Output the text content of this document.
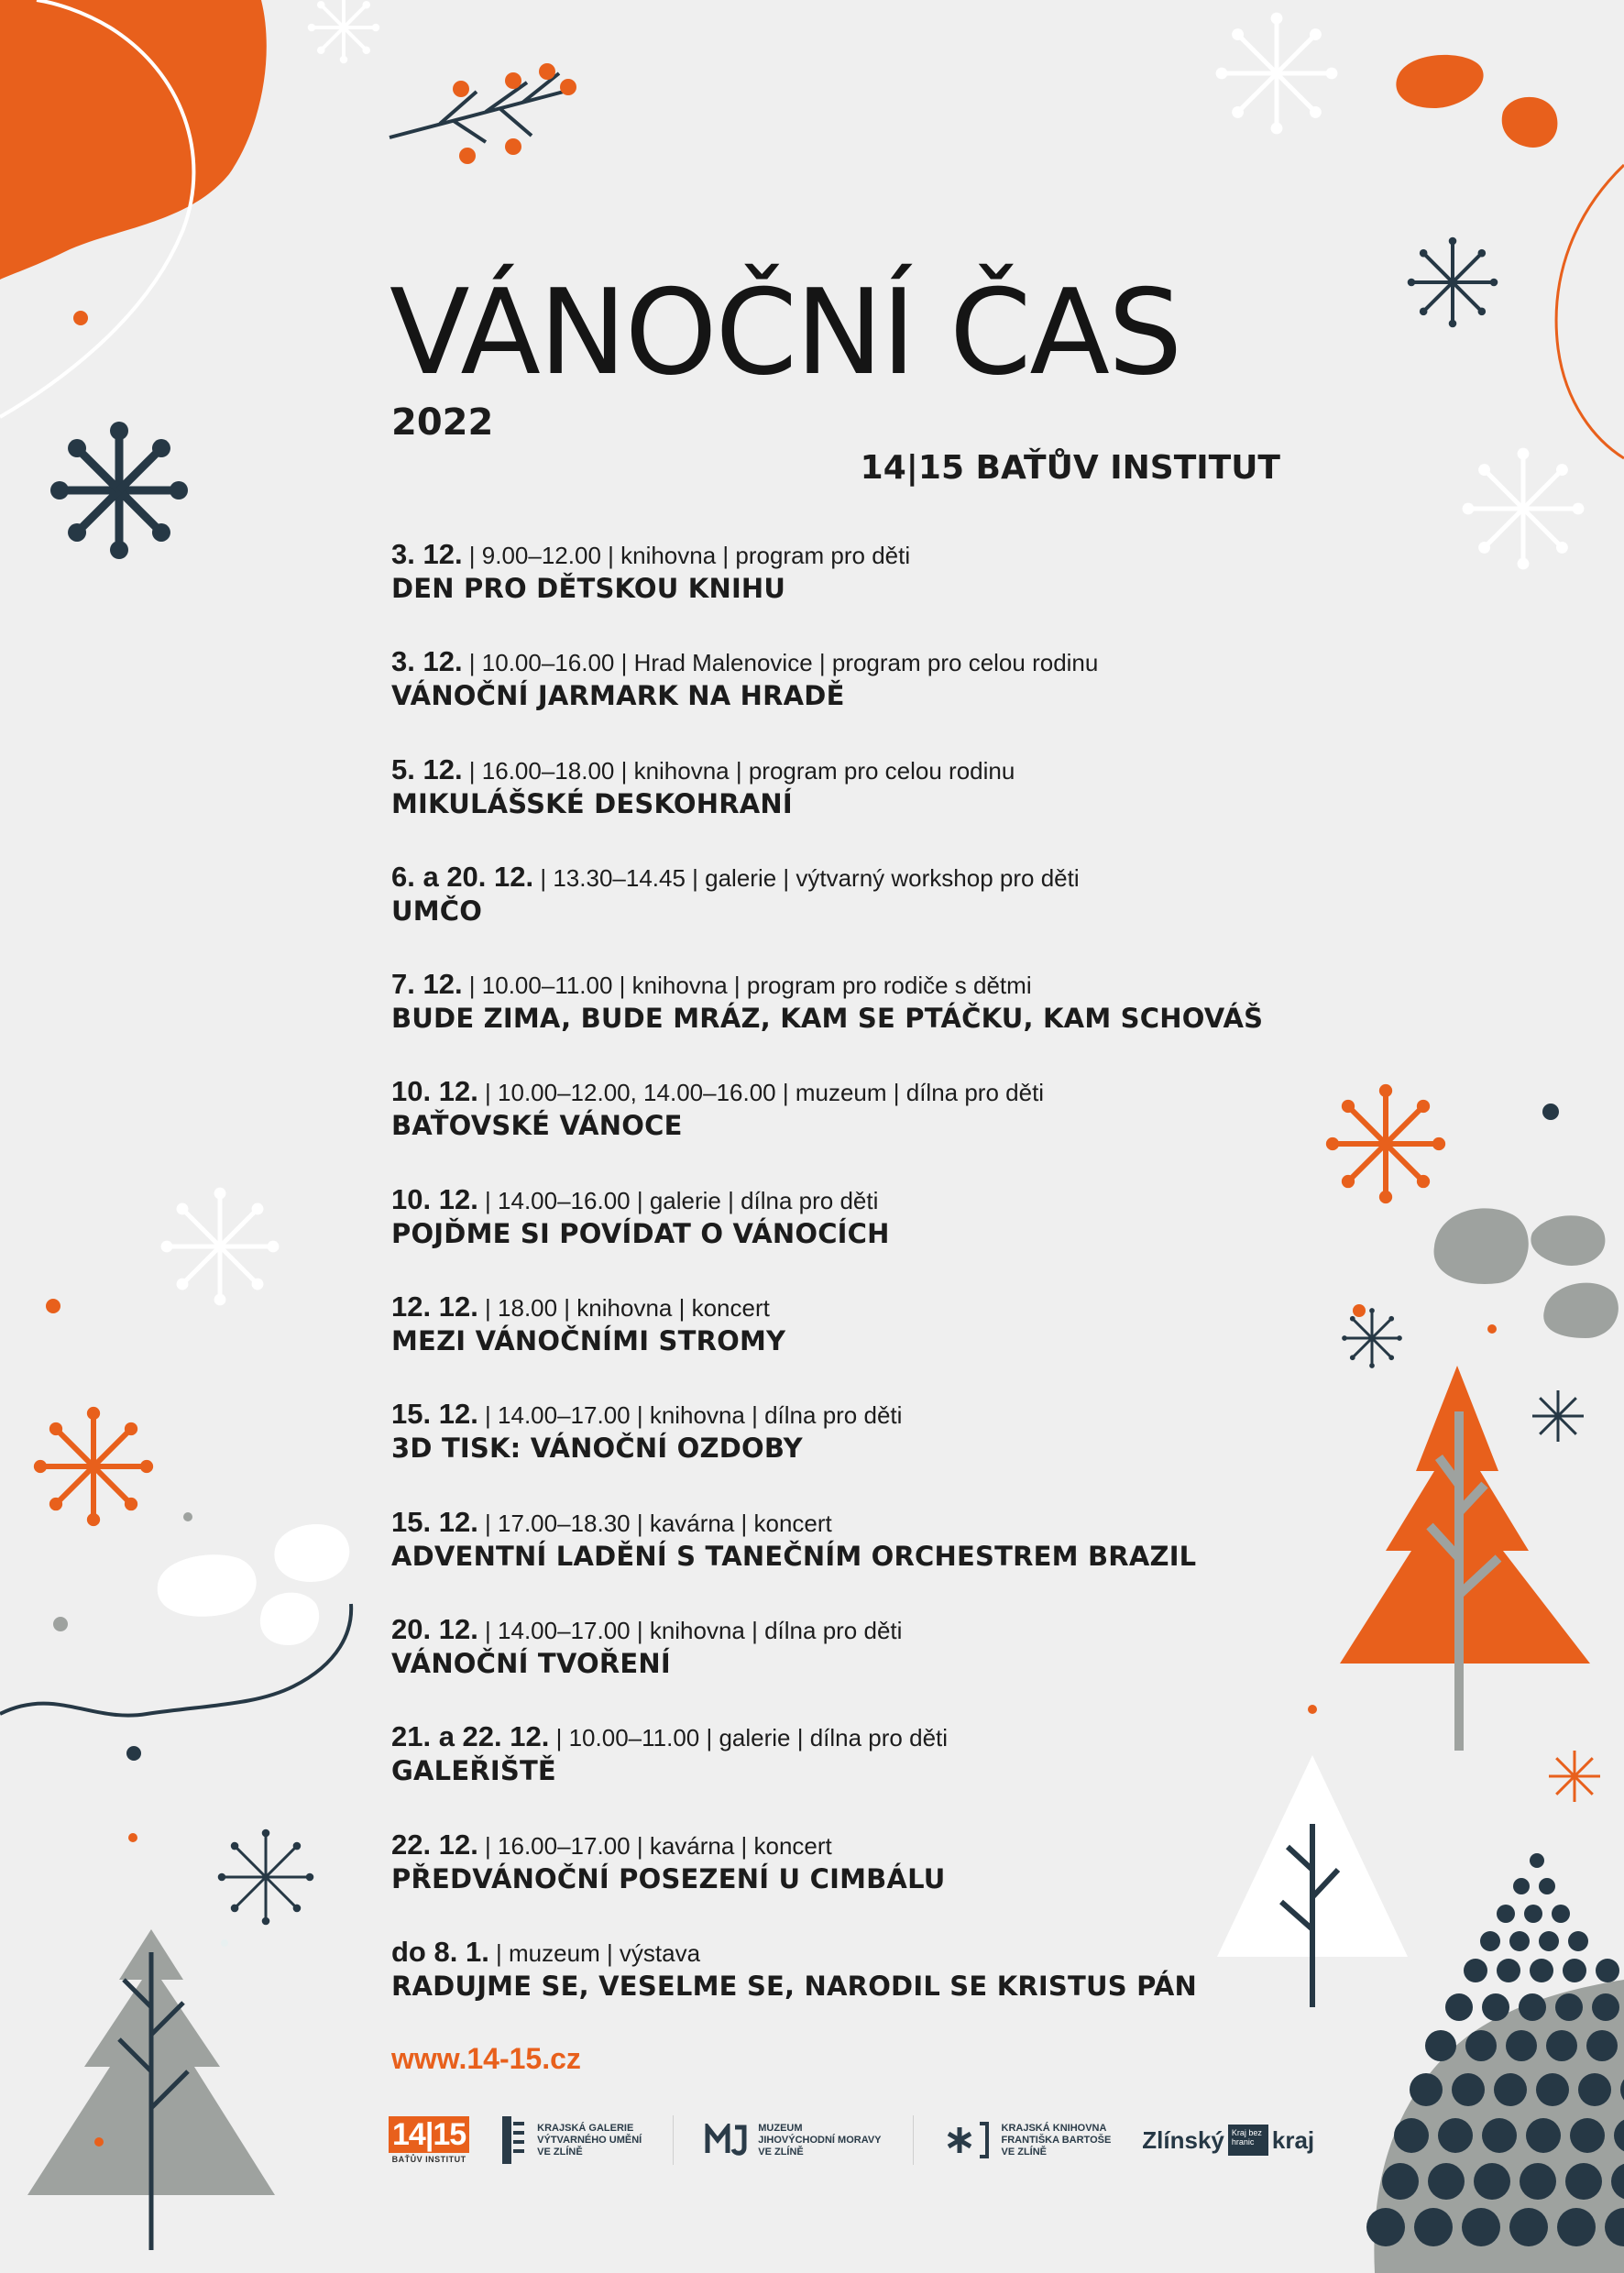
VÁNOČNÍ ČAS
2022
14|15 BAŤŮV INSTITUT
3. 12. | 9.00–12.00 | knihovna | program pro děti
DEN PRO DĚTSKOU KNIHU
3. 12. | 10.00–16.00 | Hrad Malenovice | program pro celou rodinu
VÁNOČNÍ JARMARK NA HRADĚ
5. 12. | 16.00–18.00 | knihovna | program pro celou rodinu
MIKULÁŠSKÉ DESKOHRANÍ
6. a 20. 12. | 13.30–14.45 | galerie | výtvarný workshop pro děti
UMČO
7. 12. | 10.00–11.00 | knihovna | program pro rodiče s dětmi
BUDE ZIMA, BUDE MRÁZ, KAM SE PTÁČKU, KAM SCHOVÁŠ
10. 12. | 10.00–12.00, 14.00–16.00 | muzeum | dílna pro děti
BAŤOVSKÉ VÁNOCE
10. 12. | 14.00–16.00 | galerie | dílna pro děti
POJĎME SI POVÍDAT O VÁNOCÍCH
12. 12. | 18.00 | knihovna | koncert
MEZI VÁNOČNÍMI STROMY
15. 12. | 14.00–17.00 | knihovna | dílna pro děti
3D TISK: VÁNOČNÍ OZDOBY
15. 12. | 17.00–18.30 | kavárna | koncert
ADVENTNÍ LADĚNÍ S TANEČNÍM ORCHESTREM BRAZIL
20. 12. | 14.00–17.00 | knihovna | dílna pro děti
VÁNOČNÍ TVOŘENÍ
21. a 22. 12. | 10.00–11.00 | galerie | dílna pro děti
GALEŘIŠTĚ
22. 12. | 16.00–17.00 | kavárna | koncert
PŘEDVÁNOČNÍ POSEZENÍ U CIMBÁLU
do 8. 1. | muzeum | výstava
RADUJME SE, VESELME SE, NARODIL SE KRISTUS PÁN
www.14-15.cz
14|15
BAŤŮV INSTITUT
KRAJSKÁ GALERIE
VÝTVARNÉHO UMĚNÍ
VE ZLÍNĚ
MUZEUM
JIHOVÝCHODNÍ MORAVY
VE ZLÍNĚ
KRAJSKÁ KNIHOVNA
FRANTIŠKA BARTOŠE
VE ZLÍNĚ	Zlínský Kraj bez hranic kraj
